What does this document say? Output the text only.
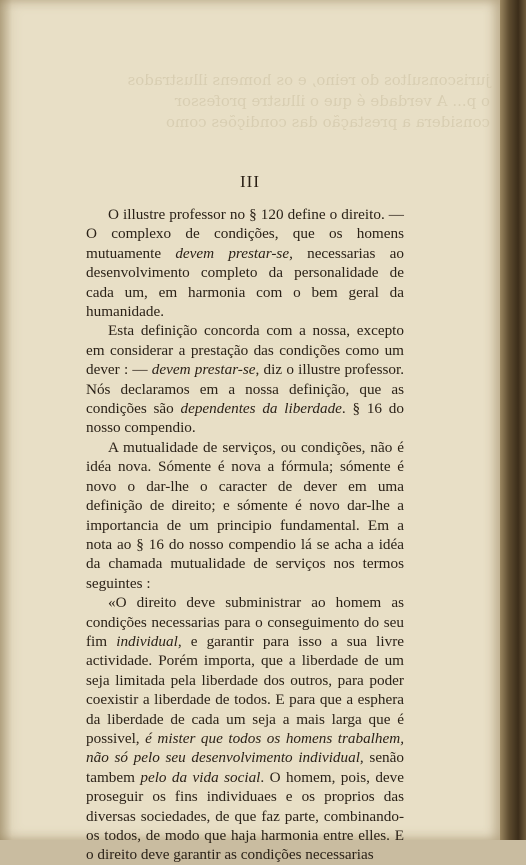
jurisconsultos do reino, e os homens illustrados
o p... A verdade é que o illustre professor
considera a prestação das condições como
III

O illustre professor no § 120 define o direito. — O complexo de condições, que os homens mutuamente devem prestar-se, necessarias ao desenvolvimento completo da personalidade de cada um, em harmonia com o bem geral da humanidade.

Esta definição concorda com a nossa, excepto em considerar a prestação das condições como um dever : — devem prestar-se, diz o illustre professor. Nós declaramos em a nossa definição, que as condições são dependentes da liberdade. § 16 do nosso compendio.

A mutualidade de serviços, ou condições, não é idéa nova. Sómente é nova a fórmula; sómente é novo o dar-lhe o caracter de dever em uma definição de direito; e sómente é novo dar-lhe a importancia de um principio fundamental. Em a nota ao § 16 do nosso compendio lá se acha a idéa da chamada mutualidade de serviços nos termos seguintes :

«O direito deve subministrar ao homem as condições necessarias para o conseguimento do seu fim individual, e garantir para isso a sua livre actividade. Porém importa, que a liberdade de um seja limitada pela liberdade dos outros, para poder coexistir a liberdade de todos. E para que a esphera da liberdade de cada um seja a mais larga que é possivel, é mister que todos os homens trabalhem, não só pelo seu desenvolvimento individual, senão tambem pelo da vida social. O homem, pois, deve proseguir os fins individuaes e os proprios das diversas sociedades, de que faz parte, combinando-os todos, de modo que haja harmonia entre elles. E o direito deve garantir as condições necessarias
